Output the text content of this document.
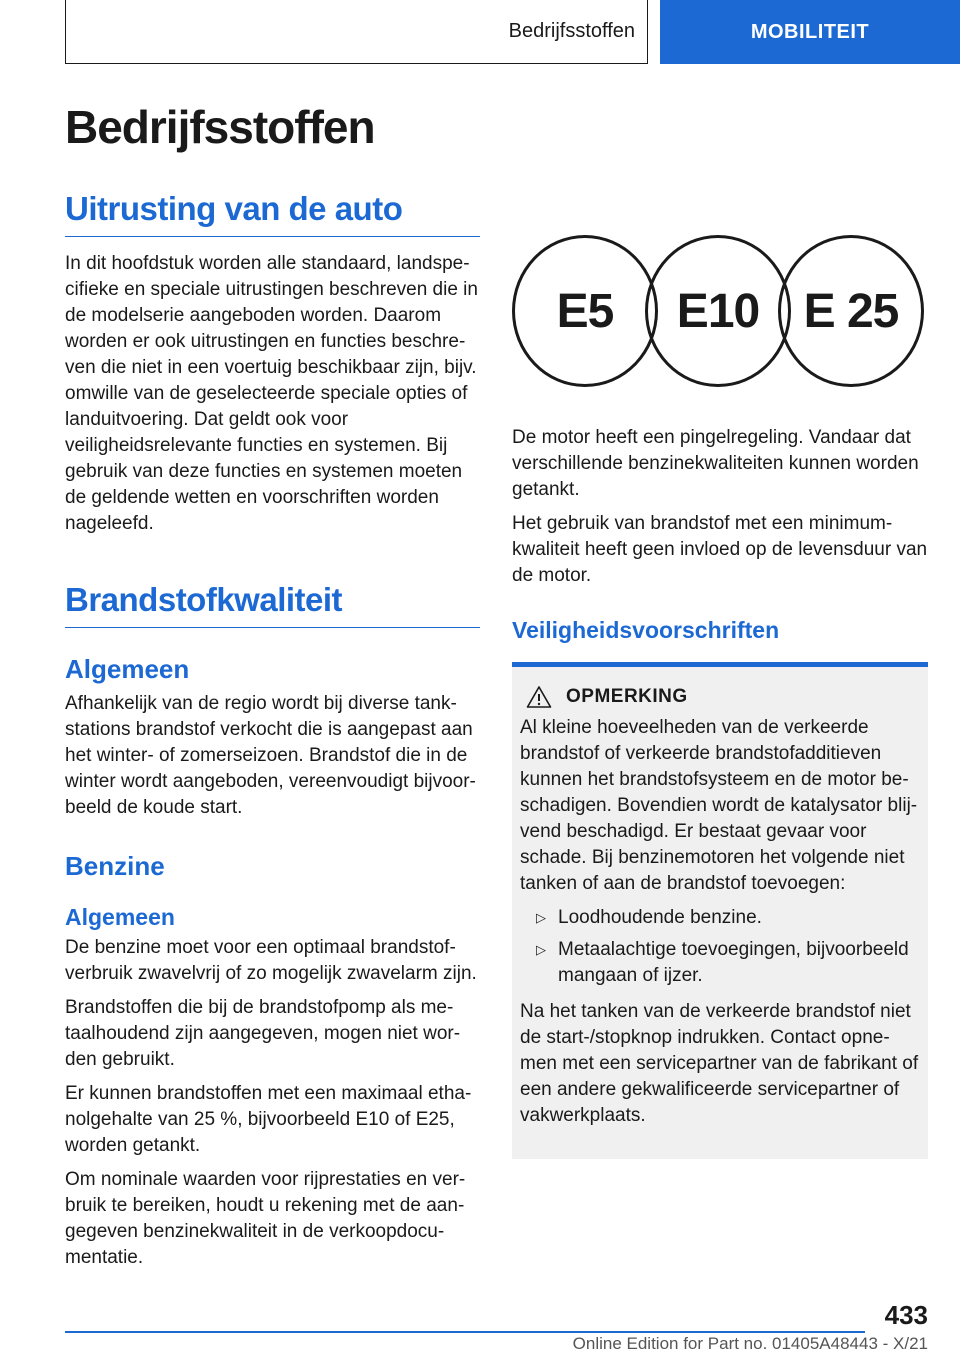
Bedrijfsstoffen	MOBILITEIT
Bedrijfsstoffen
Uitrusting van de auto

In dit hoofdstuk worden alle standaard, landspecifieke en speciale uitrustingen beschreven die in de modelserie aangeboden worden. Daarom worden er ook uitrustingen en functies beschreven die niet in een voertuig beschikbaar zijn, bijv. omwille van de geselecteerde speciale opties of landuitvoering. Dat geldt ook voor veiligheidsrelevante functies en systemen. Bij gebruik van deze functies en systemen moeten de geldende wetten en voorschriften worden nageleefd.

Brandstofkwaliteit
Algemeen

Afhankelijk van de regio wordt bij diverse tankstations brandstof verkocht die is aangepast aan het winter- of zomerseizoen. Brandstof die in de winter wordt aangeboden, vereenvoudigt bijvoorbeeld de koude start.

Benzine
Algemeen

De benzine moet voor een optimaal brandstofverbruik zwavelvrij of zo mogelijk zwavelarm zijn.

Brandstoffen die bij de brandstofpomp als metaalhoudend zijn aangegeven, mogen niet worden gebruikt.

Er kunnen brandstoffen met een maximaal ethanolgehalte van 25 %, bijvoorbeeld E10 of E25, worden getankt.

Om nominale waarden voor rijprestaties en verbruik te bereiken, houdt u rekening met de aangegeven benzinekwaliteit in de verkoopdocumentatie.

E5	E10 E 25

De motor heeft een pingelregeling. Vandaar dat verschillende benzinekwaliteiten kunnen worden getankt.

Het gebruik van brandstof met een minimumkwaliteit heeft geen invloed op de levensduur van de motor.

Veiligheidsvoorschriften
OPMERKING

Al kleine hoeveelheden van de verkeerde brandstof of verkeerde brandstofadditieven kunnen het brandstofsysteem en de motor beschadigen. Bovendien wordt de katalysator blijvend beschadigd. Er bestaat gevaar voor schade. Bij benzinemotoren het volgende niet tanken of aan de brandstof toevoegen:

▷ Loodhoudende benzine.
▷ Metaalachtige toevoegingen, bijvoorbeeld mangaan of ijzer.

Na het tanken van de verkeerde brandstof niet de start-/stopknop indrukken. Contact opnemen met een servicepartner van de fabrikant of een andere gekwalificeerde servicepartner of vakwerkplaats.

433
Online Edition for Part no. 01405A48443 - X/21
